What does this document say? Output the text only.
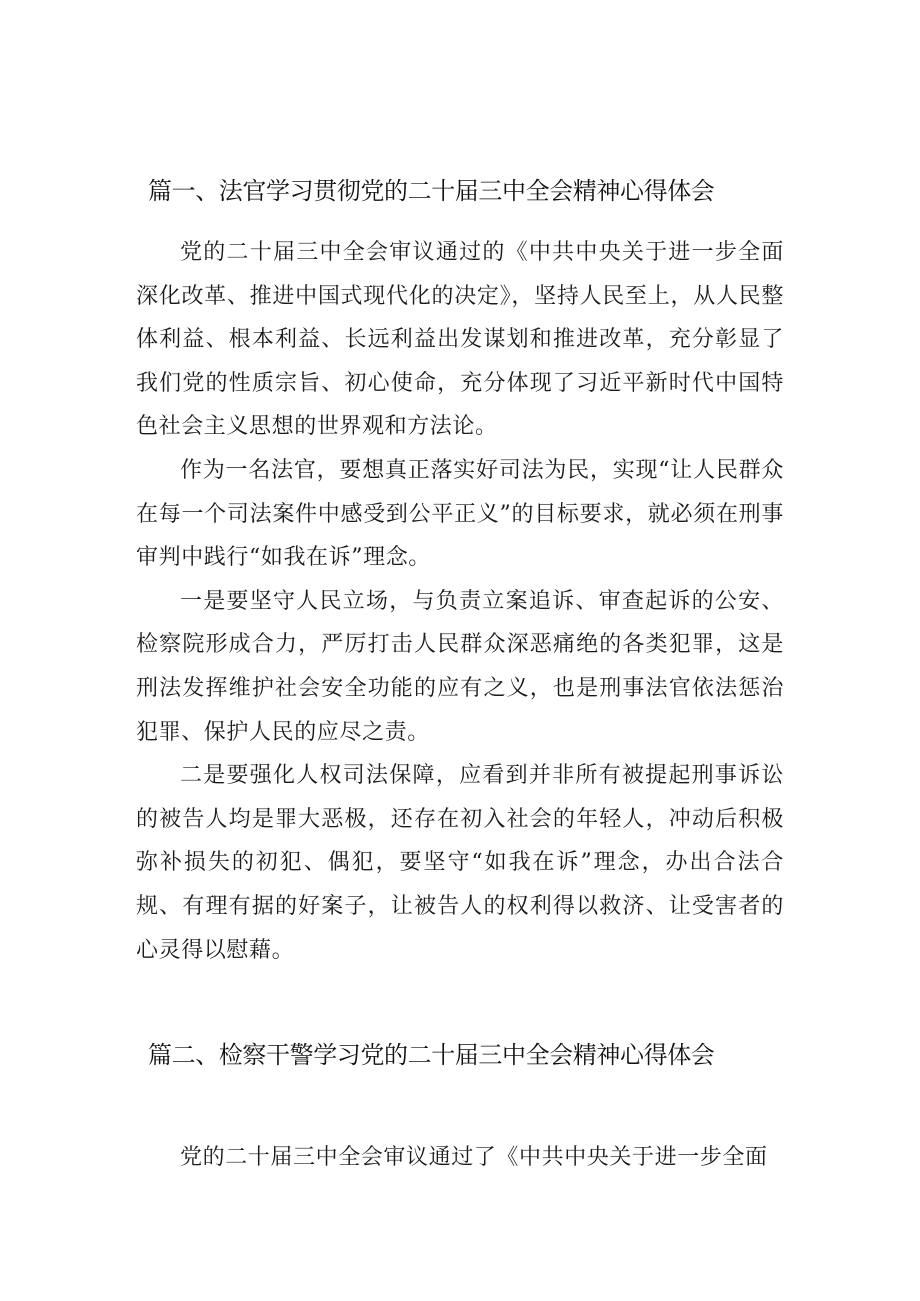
篇一、法官学习贯彻党的二十届三中全会精神心得体会

党的二十届三中全会审议通过的《中共中央关于进一步全面深化改革、推进中国式现代化的决定》，坚持人民至上，从人民整体利益、根本利益、长远利益出发谋划和推进改革，充分彰显了我们党的性质宗旨、初心使命，充分体现了习近平新时代中国特色社会主义思想的世界观和方法论。

作为一名法官，要想真正落实好司法为民，实现“让人民群众在每一个司法案件中感受到公平正义”的目标要求，就必须在刑事审判中践行“如我在诉”理念。

一是要坚守人民立场，与负责立案追诉、审查起诉的公安、检察院形成合力，严厉打击人民群众深恶痛绝的各类犯罪，这是刑法发挥维护社会安全功能的应有之义，也是刑事法官依法惩治犯罪、保护人民的应尽之责。

二是要强化人权司法保障，应看到并非所有被提起刑事诉讼的被告人均是罪大恶极，还存在初入社会的年轻人，冲动后积极弥补损失的初犯、偶犯，要坚守“如我在诉”理念，办出合法合规、有理有据的好案子，让被告人的权利得以救济、让受害者的心灵得以慰藉。

篇二、检察干警学习党的二十届三中全会精神心得体会

党的二十届三中全会审议通过了《中共中央关于进一步全面
